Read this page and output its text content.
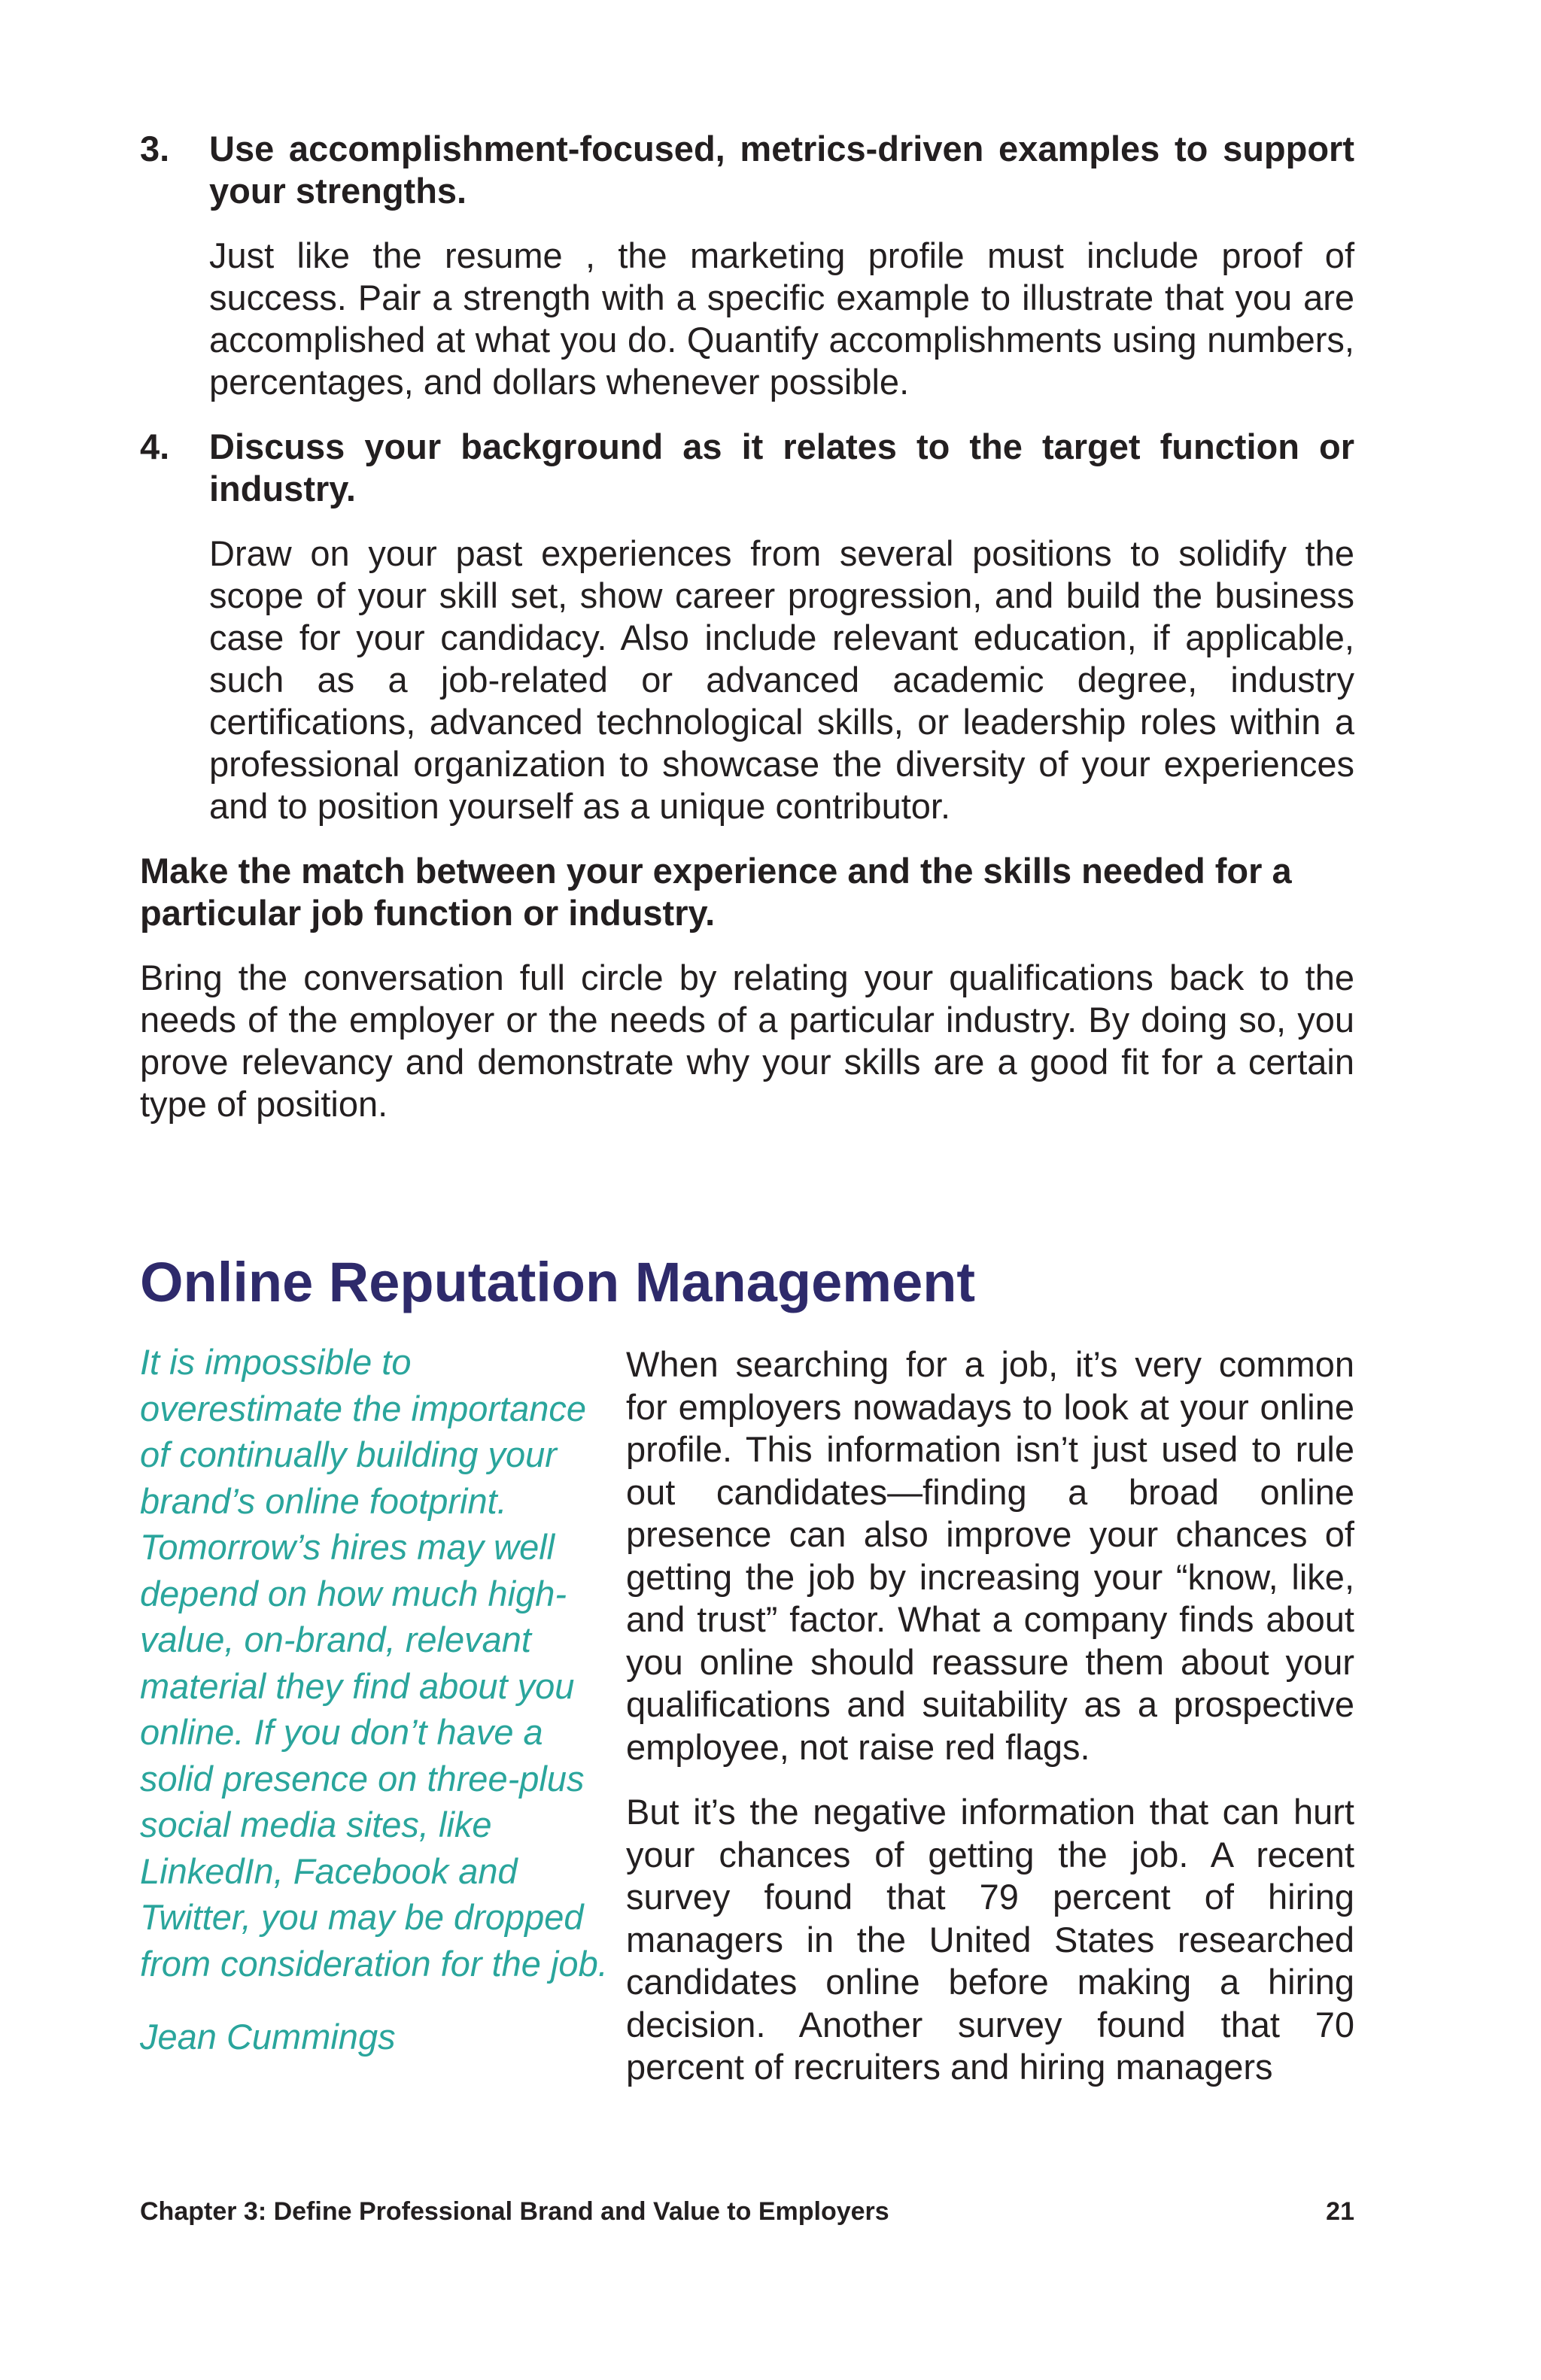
3. Use accomplishment-focused, metrics-driven examples to support your strengths.

Just like the resume , the marketing profile must include proof of success. Pair a strength with a specific example to illustrate that you are accomplished at what you do. Quantify accomplishments using numbers, percentages, and dollars whenever possible.

4. Discuss your background as it relates to the target function or industry.

Draw on your past experiences from several positions to solidify the scope of your skill set, show career progression, and build the business case for your candidacy. Also include relevant education, if applicable, such as a job-related or advanced academic degree, industry certifications, advanced technological skills, or leadership roles within a professional organization to showcase the diversity of your experiences and to position yourself as a unique contributor.

Make the match between your experience and the skills needed for a particular job function or industry.

Bring the conversation full circle by relating your qualifications back to the needs of the employer or the needs of a particular industry. By doing so, you prove relevancy and demonstrate why your skills are a good fit for a certain type of position.

Online Reputation Management

It is impossible to overestimate the importance of continually building your brand’s online footprint. Tomorrow’s hires may well depend on how much high-value, on-brand, relevant material they find about you online. If you don’t have a solid presence on three-plus social media sites, like LinkedIn, Facebook and Twitter, you may be dropped from consideration for the job.

Jean Cummings

When searching for a job, it’s very common for employers nowadays to look at your online profile. This information isn’t just used to rule out candidates—finding a broad online presence can also improve your chances of getting the job by increasing your “know, like, and trust” factor. What a company finds about you online should reassure them about your qualifications and suitability as a prospective employee, not raise red flags.

But it’s the negative information that can hurt your chances of getting the job. A recent survey found that 79 percent of hiring managers in the United States researched candidates online before making a hiring decision. Another survey found that 70 percent of recruiters and hiring managers

Chapter 3: Define Professional Brand and Value to Employers	21
